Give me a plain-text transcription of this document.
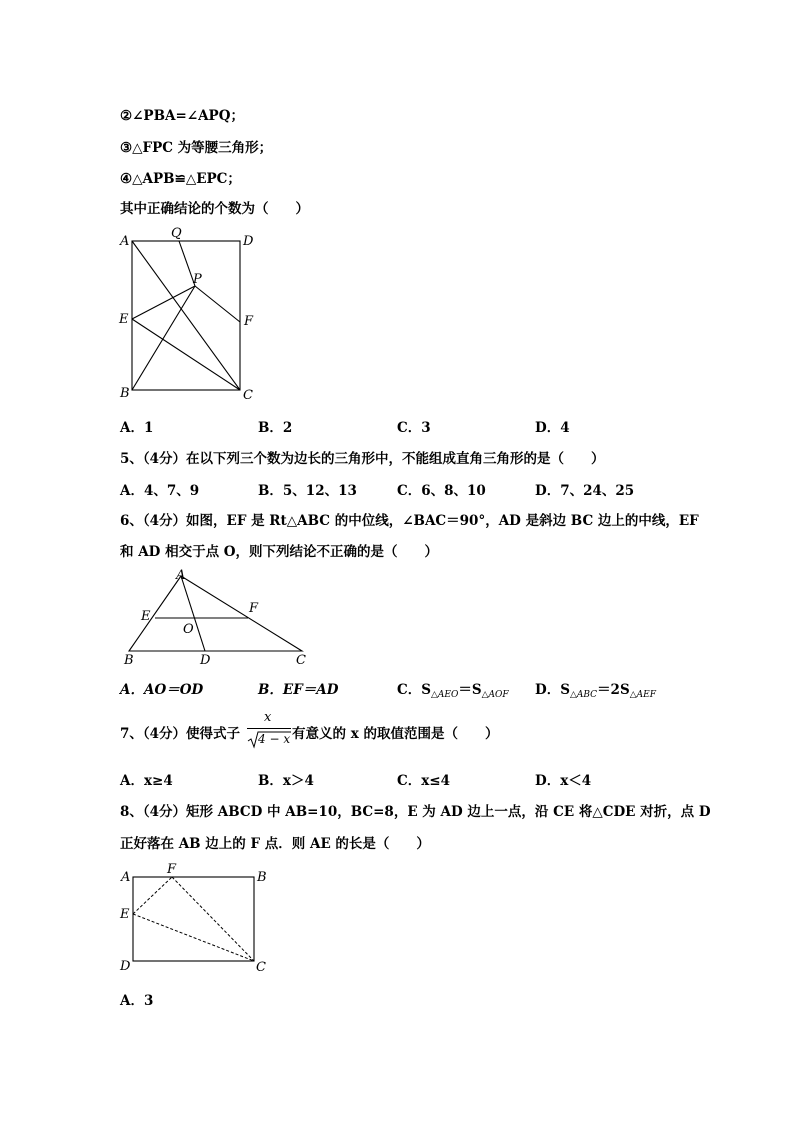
②∠PBA=∠APQ；
③△FPC 为等腰三角形；
④△APB≌△EPC；
其中正确结论的个数为（　　）
A
Q
D
P
E	F
B	C
A．1	B．2	C．3	D．4
5、（4分）在以下列三个数为边长的三角形中，不能组成直角三角形的是（　　）
A．4、7、9	B．5、12、13	C．6、8、10	D．7、24、25
6、（4分）如图，EF 是 Rt△ABC 的中位线，∠BAC＝90°，AD 是斜边 BC 边上的中线，EF
和 AD 相交于点 O，则下列结论不正确的是（　　）
A
E
F
O
B	D	C
A．AO＝OD	B．EF＝AD	C．$S_{\triangle AEO}=S_{\triangle AOF}$ D．$S_{\triangle ABC}=2S_{\triangle AEF}$
7、（4分）使得式子
x
4 − x 有意义的 x 的取值范围是（　　）
A．x≥4	B．x＞4	C．x≤4	D．x＜4
8、（4分）矩形 ABCD 中 AB=10，BC=8，E 为 AD 边上一点，沿 CE 将△CDE 对折，点 D
正好落在 AB 边上的 F 点．则 AE 的长是（　　）
A
F
B
E
D	C
A．3
